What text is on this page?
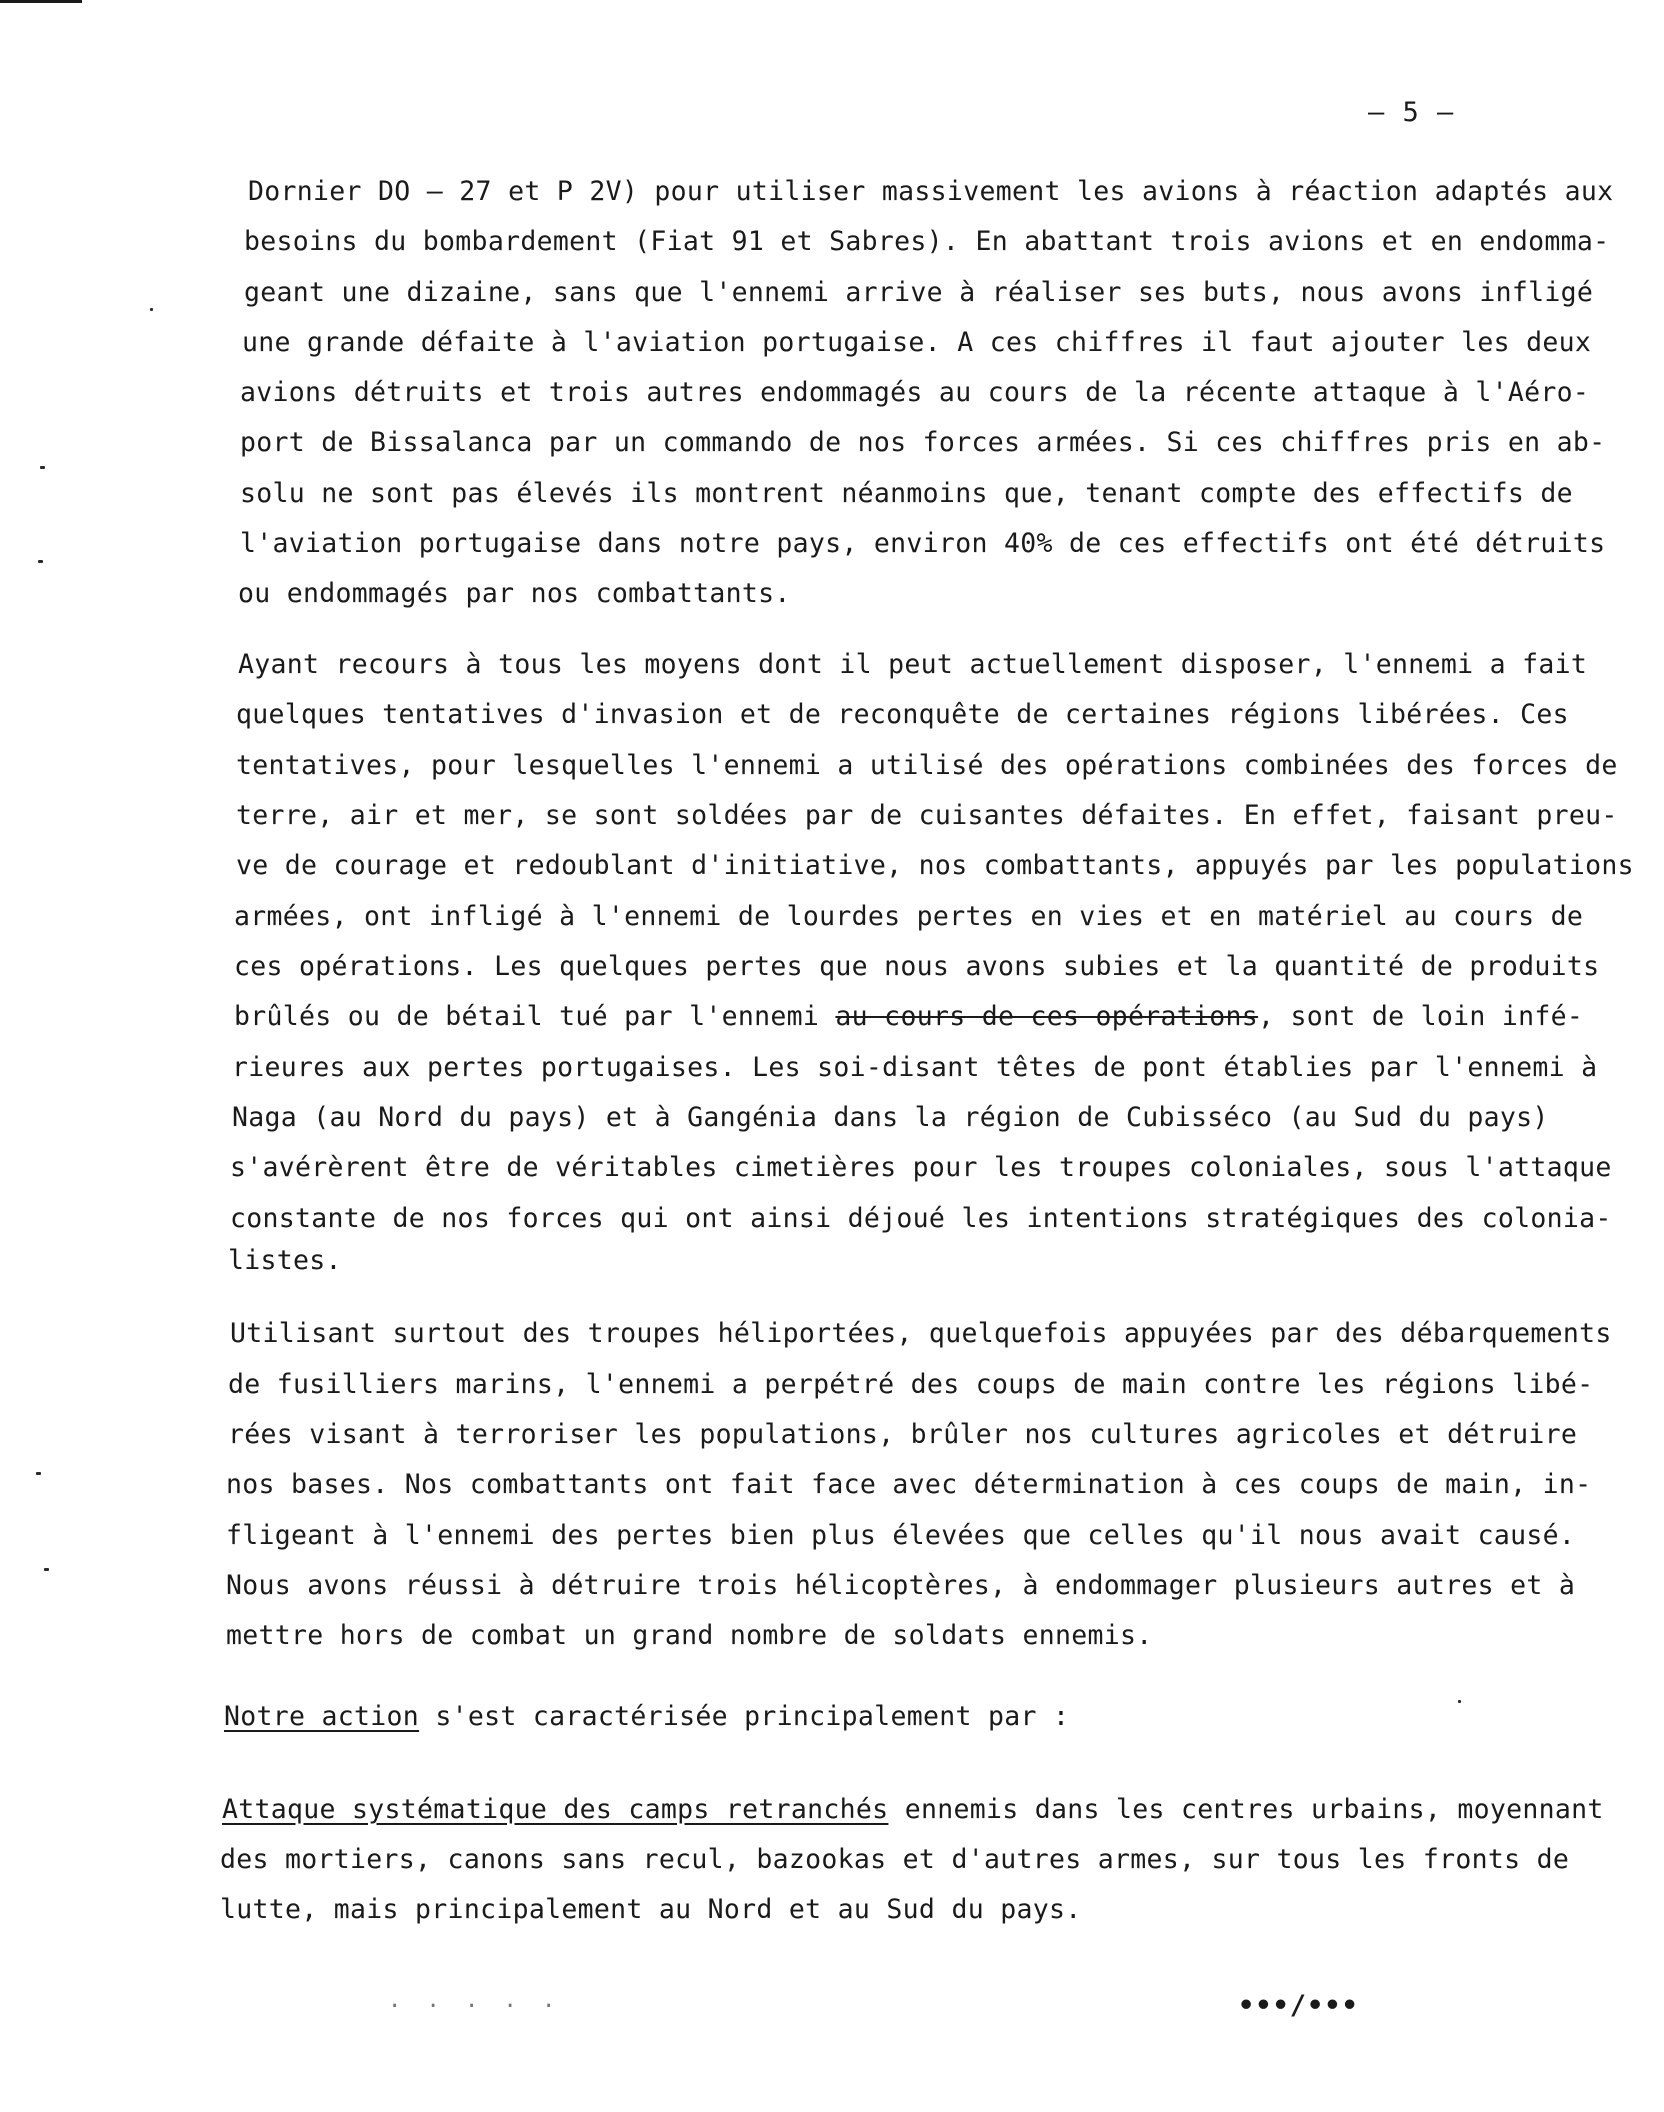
– 5 –
Dornier DO – 27 et P 2V) pour utiliser massivement les avions à réaction adaptés aux
besoins du bombardement (Fiat 91 et Sabres). En abattant trois avions et en endomma-
geant une dizaine, sans que l'ennemi arrive à réaliser ses buts, nous avons infligé
une grande défaite à l'aviation portugaise. A ces chiffres il faut ajouter les deux
avions détruits et trois autres endommagés au cours de la récente attaque à l'Aéro-
port de Bissalanca par un commando de nos forces armées. Si ces chiffres pris en ab-
solu ne sont pas élevés ils montrent néanmoins que, tenant compte des effectifs de
l'aviation portugaise dans notre pays, environ 40% de ces effectifs ont été détruits
ou endommagés par nos combattants.
Ayant recours à tous les moyens dont il peut actuellement disposer, l'ennemi a fait
quelques tentatives d'invasion et de reconquête de certaines régions libérées. Ces
tentatives, pour lesquelles l'ennemi a utilisé des opérations combinées des forces de
terre, air et mer, se sont soldées par de cuisantes défaites. En effet, faisant preu-
ve de courage et redoublant d'initiative, nos combattants, appuyés par les populations
armées, ont infligé à l'ennemi de lourdes pertes en vies et en matériel au cours de
ces opérations. Les quelques pertes que nous avons subies et la quantité de produits
brûlés ou de bétail tué par l'ennemi au cours de ces opérations, sont de loin infé-
rieures aux pertes portugaises. Les soi-disant têtes de pont établies par l'ennemi à
Naga (au Nord du pays) et à Gangénia dans la région de Cubisséco (au Sud du pays)
s'avérèrent être de véritables cimetières pour les troupes coloniales, sous l'attaque
constante de nos forces qui ont ainsi déjoué les intentions stratégiques des colonia-
listes.
Utilisant surtout des troupes héliportées, quelquefois appuyées par des débarquements
de fusilliers marins, l'ennemi a perpétré des coups de main contre les régions libé-
rées visant à terroriser les populations, brûler nos cultures agricoles et détruire
nos bases. Nos combattants ont fait face avec détermination à ces coups de main, in-
fligeant à l'ennemi des pertes bien plus élevées que celles qu'il nous avait causé.
Nous avons réussi à détruire trois hélicoptères, à endommager plusieurs autres et à
mettre hors de combat un grand nombre de soldats ennemis.
Notre action s'est caractérisée principalement par :
Attaque systématique des camps retranchés ennemis dans les centres urbains, moyennant
des mortiers, canons sans recul, bazookas et d'autres armes, sur tous les fronts de
lutte, mais principalement au Nord et au Sud du pays.
. . . . .	•••/•••
